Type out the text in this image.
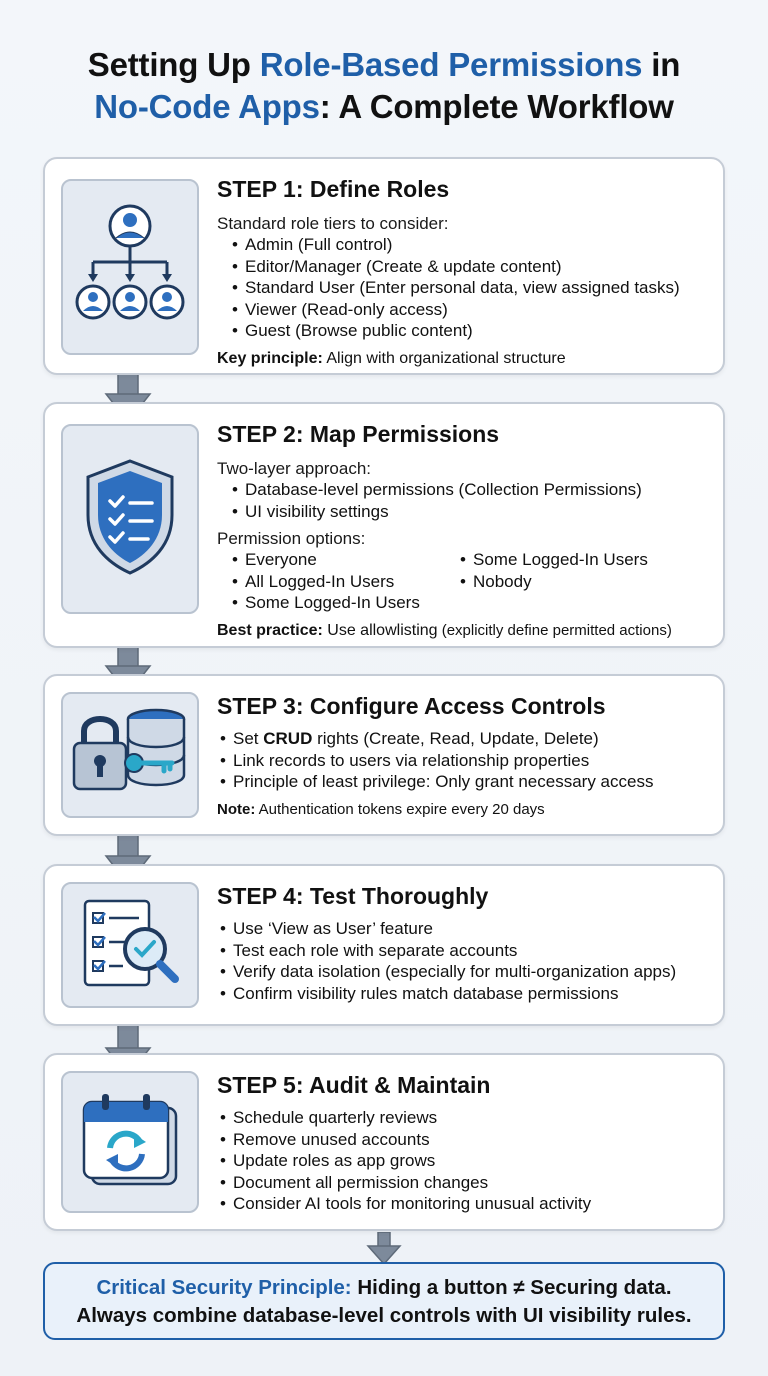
Setting Up Role-Based Permissions in
No-Code Apps: A Complete Workflow
STEP 1: Define Roles
Standard role tiers to consider:
• Admin (Full control)
• Editor/Manager (Create & update content)
• Standard User (Enter personal data, view assigned tasks)
• Viewer (Read-only access)
• Guest (Browse public content)
Key principle: Align with organizational structure
STEP 2: Map Permissions
Two-layer approach:
• Database-level permissions (Collection Permissions)
• UI visibility settings
Permission options:
• Everyone
• All Logged-In Users
• Some Logged-In Users
• Some Logged-In Users
• Nobody
Best practice: Use allowlisting (explicitly define permitted actions)
STEP 3: Configure Access Controls
• Set CRUD rights (Create, Read, Update, Delete)
• Link records to users via relationship properties
• Principle of least privilege: Only grant necessary access
Note: Authentication tokens expire every 20 days
STEP 4: Test Thoroughly
• Use ‘View as User’ feature
• Test each role with separate accounts
• Verify data isolation (especially for multi-organization apps)
• Confirm visibility rules match database permissions
STEP 5: Audit & Maintain
• Schedule quarterly reviews
• Remove unused accounts
• Update roles as app grows
• Document all permission changes
• Consider AI tools for monitoring unusual activity
Critical Security Principle: Hiding a button ≠ Securing data.
Always combine database-level controls with UI visibility rules.
